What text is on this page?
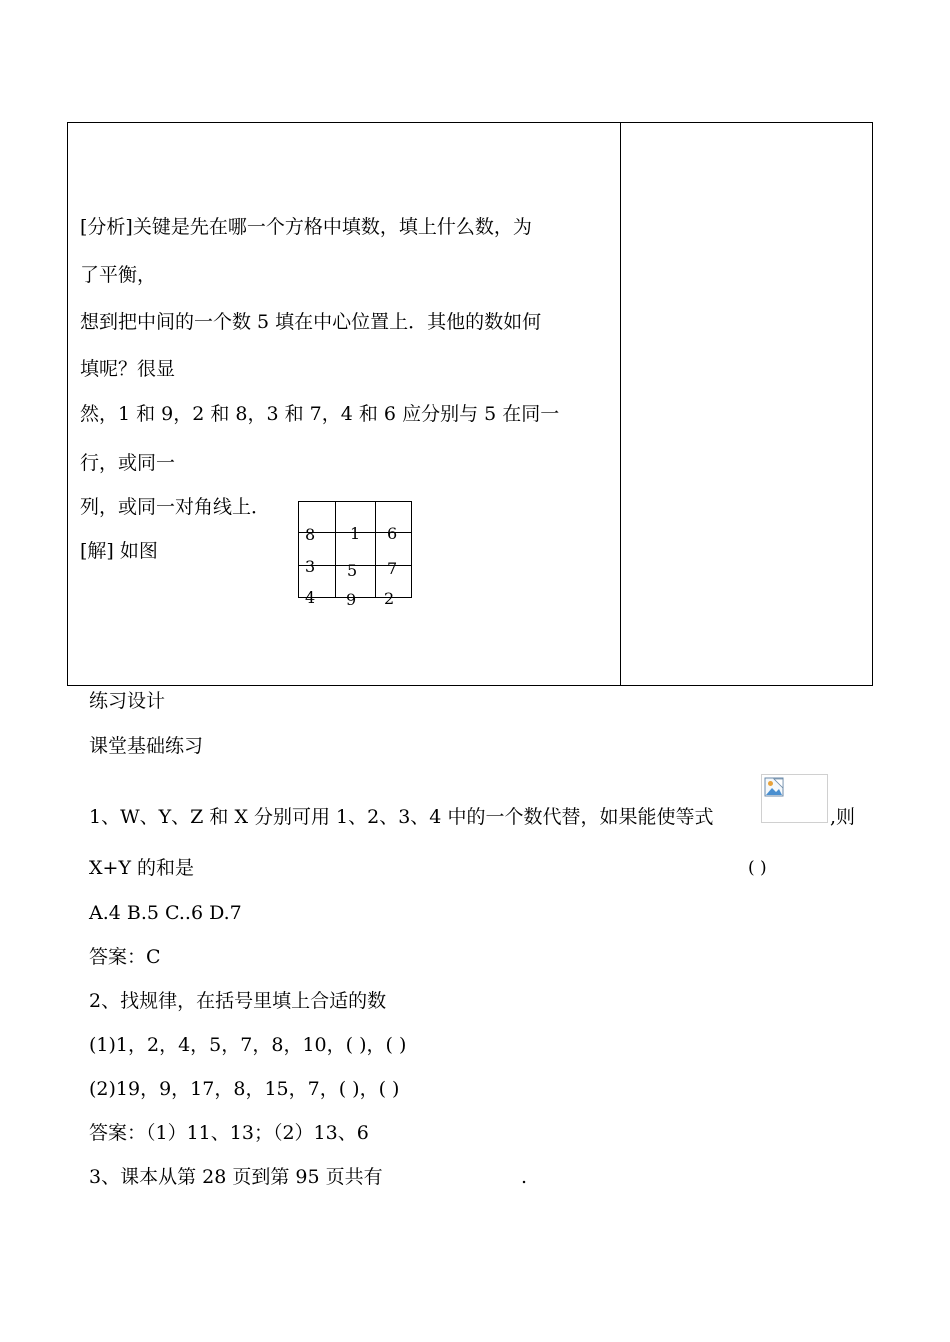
[分析]关键是先在哪一个方格中填数，填上什么数，为
了平衡，
想到把中间的一个数 5 填在中心位置上．其他的数如何
填呢？很显
然，1 和 9，2 和 8，3 和 7，4 和 6 应分别与 5 在同一
行，或同一
列，或同一对角线上．
[解] 如图
8 1 6
3 5 7
4 9 2
练习设计
课堂基础练习
1、W、Y、Z 和 X 分别可用 1、2、3、4 中的一个数代替，如果能使等式	,则
X+Y 的和是	( )
A.4 B.5 C..6 D.7
答案：C
2、找规律，在括号里填上合适的数
(1)1，2，4，5，7，8，10，( )，( )
(2)19，9，17，8，15，7，( )，( )
答案：（1）11、13；（2）13、6
3、课本从第 28 页到第 95 页共有	.
